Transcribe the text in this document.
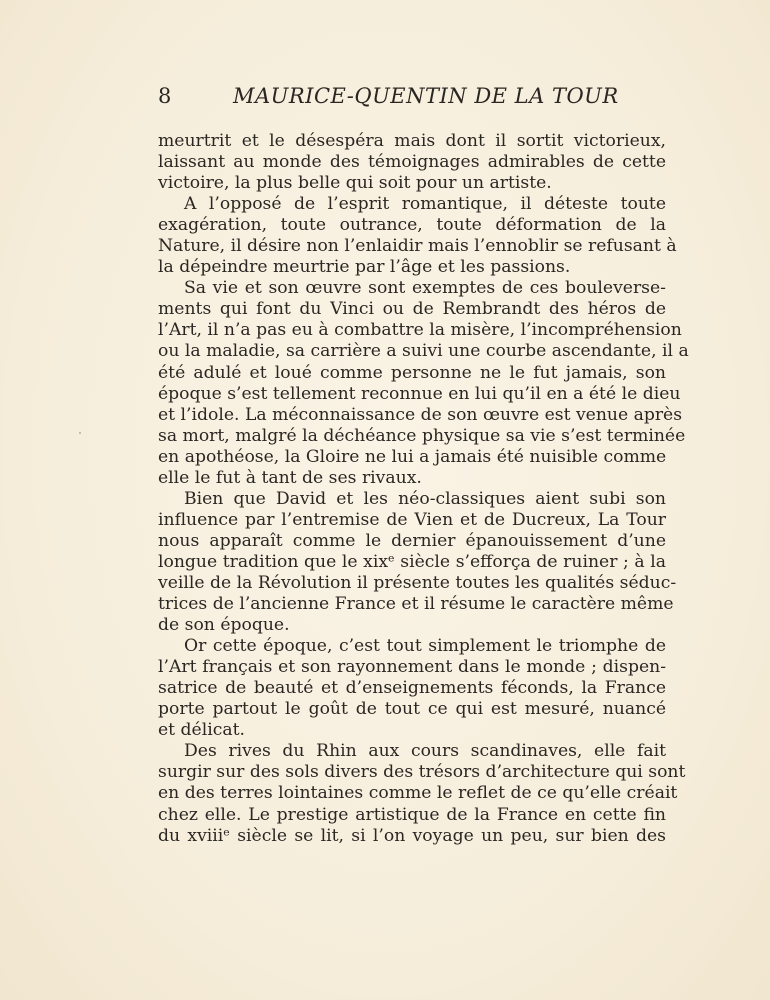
8	MAURICE-QUENTIN DE LA TOUR
meurtrit et le désespéra mais dont il sortit victorieux,
laissant au monde des témoignages admirables de cette
victoire, la plus belle qui soit pour un artiste.
A l’opposé de l’esprit romantique, il déteste toute
exagération, toute outrance, toute déformation de la
Nature, il désire non l’enlaidir mais l’ennoblir se refusant à
la dépeindre meurtrie par l’âge et les passions.
Sa vie et son œuvre sont exemptes de ces bouleverse-
ments qui font du Vinci ou de Rembrandt des héros de
l’Art, il n’a pas eu à combattre la misère, l’incompréhension
ou la maladie, sa carrière a suivi une courbe ascendante, il a
été adulé et loué comme personne ne le fut jamais, son
époque s’est tellement reconnue en lui qu’il en a été le dieu
et l’idole. La méconnaissance de son œuvre est venue après
sa mort, malgré la déchéance physique sa vie s’est terminée
en apothéose, la Gloire ne lui a jamais été nuisible comme
elle le fut à tant de ses rivaux.
Bien que David et les néo-classiques aient subi son
influence par l’entremise de Vien et de Ducreux, La Tour
nous apparaît comme le dernier épanouissement d’une
longue tradition que le xixᵉ siècle s’efforça de ruiner ; à la
veille de la Révolution il présente toutes les qualités séduc-
trices de l’ancienne France et il résume le caractère même
de son époque.
Or cette époque, c’est tout simplement le triomphe de
l’Art français et son rayonnement dans le monde ; dispen-
satrice de beauté et d’enseignements féconds, la France
porte partout le goût de tout ce qui est mesuré, nuancé
et délicat.
Des rives du Rhin aux cours scandinaves, elle fait
surgir sur des sols divers des trésors d’architecture qui sont
en des terres lointaines comme le reflet de ce qu’elle créait
chez elle. Le prestige artistique de la France en cette fin
du xviiiᵉ siècle se lit, si l’on voyage un peu, sur bien des
